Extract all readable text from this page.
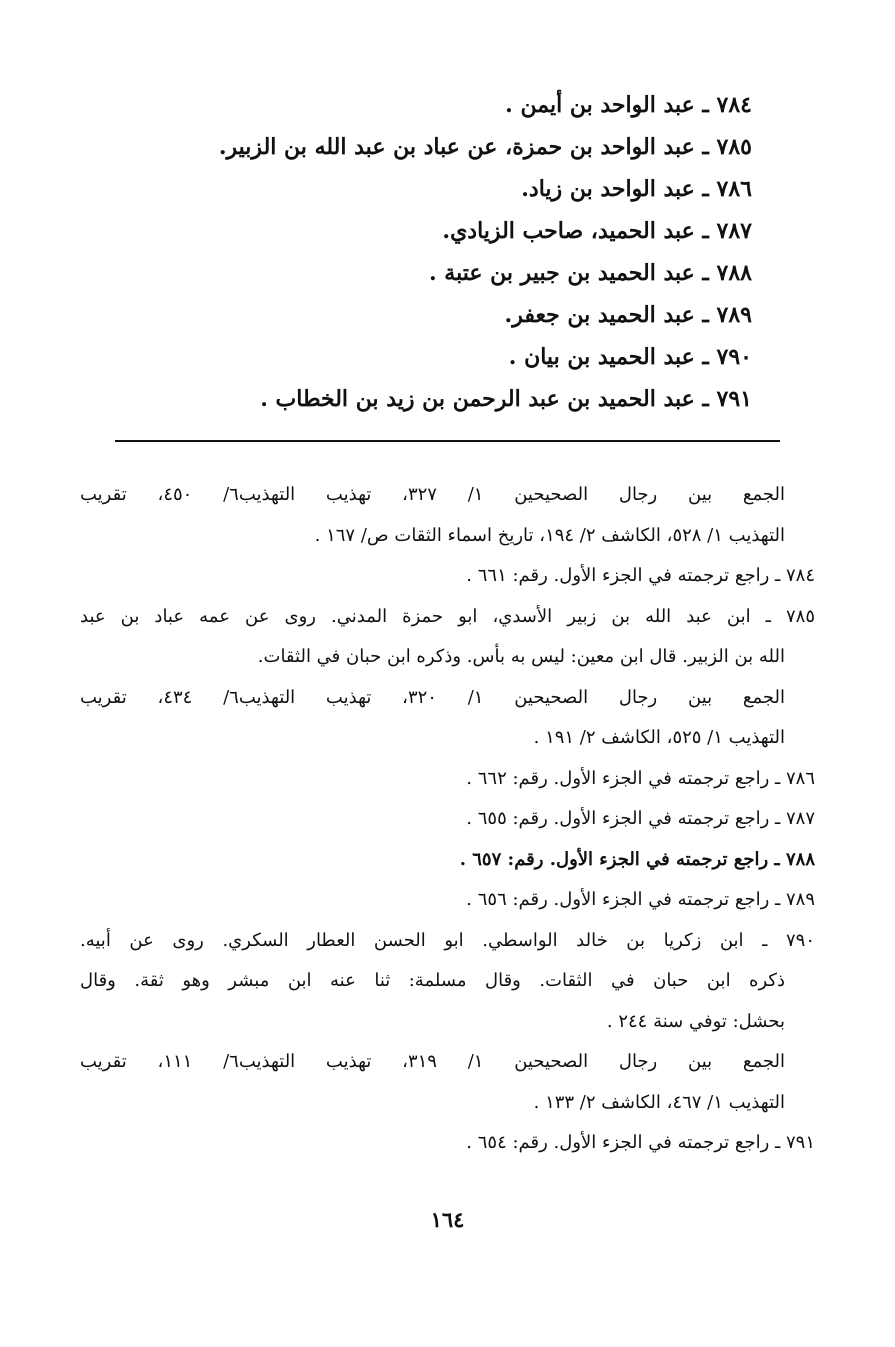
٧٨٤ ـ عبد الواحد بن أيمن .
٧٨٥ ـ عبد الواحد بن حمزة، عن عباد بن عبد الله بن الزبير.
٧٨٦ ـ عبد الواحد بن زياد.
٧٨٧ ـ عبد الحميد، صاحب الزيادي.
٧٨٨ ـ عبد الحميد بن جبير بن عتبة .
٧٨٩ ـ عبد الحميد بن جعفر.
٧٩٠ ـ عبد الحميد بن بيان .
٧٩١ ـ عبد الحميد بن عبد الرحمن بن زيد بن الخطاب .
الجمع بين رجال الصحيحين ١/ ٣٢٧، تهذيب التهذيب٦/ ٤٥٠، تقريب
التهذيب ١/ ٥٢٨، الكاشف ٢/ ١٩٤، تاريخ اسماء الثقات ص/ ١٦٧ .
٧٨٤ ـ راجع ترجمته في الجزء الأول. رقم: ٦٦١ .
٧٨٥ ـ ابن عبد الله بن زبير الأسدي، ابو حمزة المدني. روى عن عمه عباد بن عبد
الله بن الزبير. قال ابن معين: ليس به بأس. وذكره ابن حبان في الثقات.
الجمع بين رجال الصحيحين ١/ ٣٢٠، تهذيب التهذيب٦/ ٤٣٤، تقريب
التهذيب ١/ ٥٢٥، الكاشف ٢/ ١٩١ .
٧٨٦ ـ راجع ترجمته في الجزء الأول. رقم: ٦٦٢ .
٧٨٧ ـ راجع ترجمته في الجزء الأول. رقم: ٦٥٥ .
٧٨٨ ـ راجع ترجمته في الجزء الأول. رقم: ٦٥٧ .
٧٨٩ ـ راجع ترجمته في الجزء الأول. رقم: ٦٥٦ .
٧٩٠ ـ ابن زكريا بن خالد الواسطي. ابو الحسن العطار السكري. روى عن أبيه.
ذكره ابن حبان في الثقات. وقال مسلمة: ثنا عنه ابن مبشر وهو ثقة. وقال
بحشل: توفي سنة ٢٤٤ .
الجمع بين رجال الصحيحين ١/ ٣١٩، تهذيب التهذيب٦/ ١١١، تقريب
التهذيب ١/ ٤٦٧، الكاشف ٢/ ١٣٣ .
٧٩١ ـ راجع ترجمته في الجزء الأول. رقم: ٦٥٤ .
١٦٤
